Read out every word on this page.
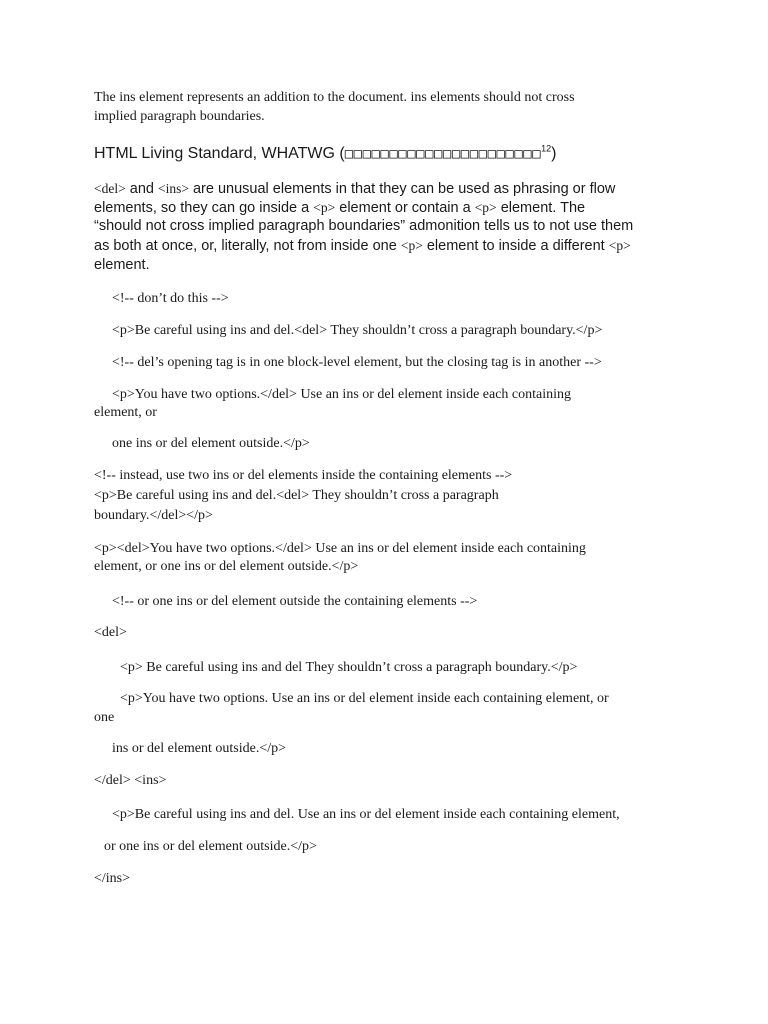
The ins element represents an addition to the document. ins elements should not cross

implied paragraph boundaries.

HTML Living Standard, WHATWG (□□□□□□□□□□□□□□□□□□□□□□$^{12}$)

<del> and <ins> are unusual elements in that they can be used as phrasing or flow

elements, so they can go inside a <p> element or contain a <p> element. The

“should not cross implied paragraph boundaries” admonition tells us to not use them

as both at once, or, literally, not from inside one <p> element to inside a different <p>

element.

<!-- don’t do this -->

<p>Be careful using ins and del.<del> They shouldn’t cross a paragraph boundary.</p>

<!-- del’s opening tag is in one block-level element, but the closing tag is in another -->

<p>You have two options.</del> Use an ins or del element inside each containing

element, or

one ins or del element outside.</p>

<!-- instead, use two ins or del elements inside the containing elements -->

<p>Be careful using ins and del.<del> They shouldn’t cross a paragraph

boundary.</del></p>

<p><del>You have two options.</del> Use an ins or del element inside each containing

element, or one ins or del element outside.</p>

<!-- or one ins or del element outside the containing elements -->

<del>

<p> Be careful using ins and del They shouldn’t cross a paragraph boundary.</p>

<p>You have two options. Use an ins or del element inside each containing element, or

one

ins or del element outside.</p>

</del> <ins>

<p>Be careful using ins and del. Use an ins or del element inside each containing element,

or one ins or del element outside.</p>

</ins>
